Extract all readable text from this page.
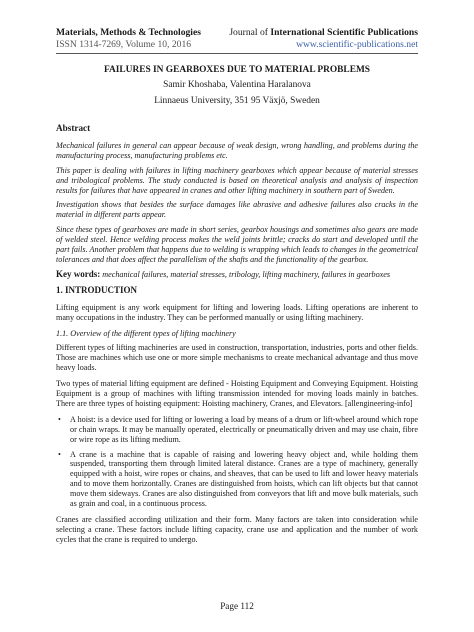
Materials, Methods & Technologies
ISSN 1314-7269, Volume 10, 2016
Journal of International Scientific Publications
www.scientific-publications.net
FAILURES IN GEARBOXES DUE TO MATERIAL PROBLEMS
Samir Khoshaba, Valentina Haralanova
Linnaeus University, 351 95 Växjö, Sweden
Abstract

Mechanical failures in general can appear because of weak design, wrong handling, and problems during the manufacturing process, manufacturing problems etc.

This paper is dealing with failures in lifting machinery gearboxes which appear because of material stresses and tribological problems. The study conducted is based on theoretical analysis and analysis of inspection results for failures that have appeared in cranes and other lifting machinery in southern part of Sweden.

Investigation shows that besides the surface damages like abrasive and adhesive failures also cracks in the material in different parts appear.

Since these types of gearboxes are made in short series, gearbox housings and sometimes also gears are made of welded steel. Hence welding process makes the weld joints brittle; cracks do start and developed until the part fails. Another problem that happens due to welding is wrapping which leads to changes in the geometrical tolerances and that does affect the parallelism of the shafts and the functionality of the gearbox.

Key words: mechanical failures, material stresses, tribology, lifting machinery, failures in gearboxes

1. INTRODUCTION

Lifting equipment is any work equipment for lifting and lowering loads. Lifting operations are inherent to many occupations in the industry. They can be performed manually or using lifting machinery.

1.1. Overview of the different types of lifting machinery

Different types of lifting machineries are used in construction, transportation, industries, ports and other fields. Those are machines which use one or more simple mechanisms to create mechanical advantage and thus move heavy loads.

Two types of material lifting equipment are defined - Hoisting Equipment and Conveying Equipment. Hoisting Equipment is a group of machines with lifting transmission intended for moving loads mainly in batches. There are three types of hoisting equipment: Hoisting machinery, Cranes, and Elevators. [allengineering-info]

• A hoist: is a device used for lifting or lowering a load by means of a drum or lift-wheel around which rope or chain wraps. It may be manually operated, electrically or pneumatically driven and may use chain, fibre or wire rope as its lifting medium.
• A crane is a machine that is capable of raising and lowering heavy object and, while holding them suspended, transporting them through limited lateral distance. Cranes are a type of machinery, generally equipped with a hoist, wire ropes or chains, and sheaves, that can be used to lift and lower heavy materials and to move them horizontally. Cranes are distinguished from hoists, which can lift objects but that cannot move them sideways. Cranes are also distinguished from conveyors that lift and move bulk materials, such as grain and coal, in a continuous process.

Cranes are classified according utilization and their form. Many factors are taken into consideration while selecting a crane. These factors include lifting capacity, crane use and application and the number of work cycles that the crane is required to undergo.

Page 112
